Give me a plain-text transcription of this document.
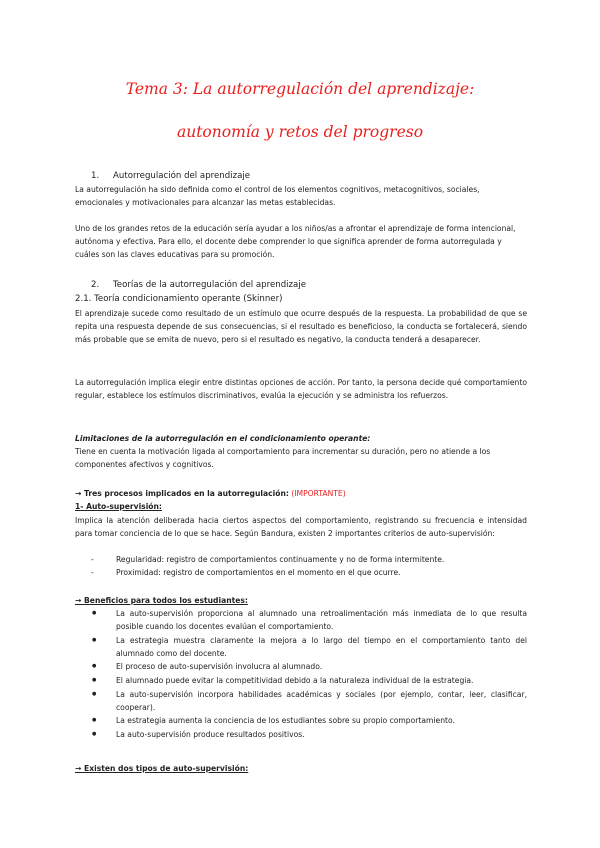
Tema 3: La autorregulación del aprendizaje:
autonomía y retos del progreso
1. Autorregulación del aprendizaje
La autorregulación ha sido definida como el control de los elementos cognitivos, metacognitivos, sociales, emocionales y motivacionales para alcanzar las metas establecidas.
Uno de los grandes retos de la educación sería ayudar a los niños/as a afrontar el aprendizaje de forma intencional, autónoma y efectiva. Para ello, el docente debe comprender lo que significa aprender de forma autorregulada y cuáles son las claves educativas para su promoción.
2. Teorías de la autorregulación del aprendizaje
2.1. Teoría condicionamiento operante (Skinner)
El aprendizaje sucede como resultado de un estímulo que ocurre después de la respuesta. La probabilidad de que se repita una respuesta depende de sus consecuencias, si el resultado es beneficioso, la conducta se fortalecerá, siendo más probable que se emita de nuevo, pero si el resultado es negativo, la conducta tenderá a desaparecer.
La autorregulación implica elegir entre distintas opciones de acción. Por tanto, la persona decide qué comportamiento regular, establece los estímulos discriminativos, evalúa la ejecución y se administra los refuerzos.
Limitaciones de la autorregulación en el condicionamiento operante:
Tiene en cuenta la motivación ligada al comportamiento para incrementar su duración, pero no atiende a los componentes afectivos y cognitivos.
→ Tres procesos implicados en la autorregulación: (IMPORTANTE)
1- Auto-supervisión:
Implica la atención deliberada hacia ciertos aspectos del comportamiento, registrando su frecuencia e intensidad para tomar conciencia de lo que se hace. Según Bandura, existen 2 importantes criterios de auto-supervisión:
- Regularidad: registro de comportamientos continuamente y no de forma intermitente.
- Proximidad: registro de comportamientos en el momento en el que ocurre.
→ Beneficios para todos los estudiantes:
● La auto-supervisión proporciona al alumnado una retroalimentación más inmediata de lo que resulta posible cuando los docentes evalúan el comportamiento.
● La estrategia muestra claramente la mejora a lo largo del tiempo en el comportamiento tanto del alumnado como del docente.
● El proceso de auto-supervisión involucra al alumnado.
● El alumnado puede evitar la competitividad debido a la naturaleza individual de la estrategia.
● La auto-supervisión incorpora habilidades académicas y sociales (por ejemplo, contar, leer, clasificar, cooperar).
● La estrategia aumenta la conciencia de los estudiantes sobre su propio comportamiento.
● La auto-supervisión produce resultados positivos.
→ Existen dos tipos de auto-supervisión:
